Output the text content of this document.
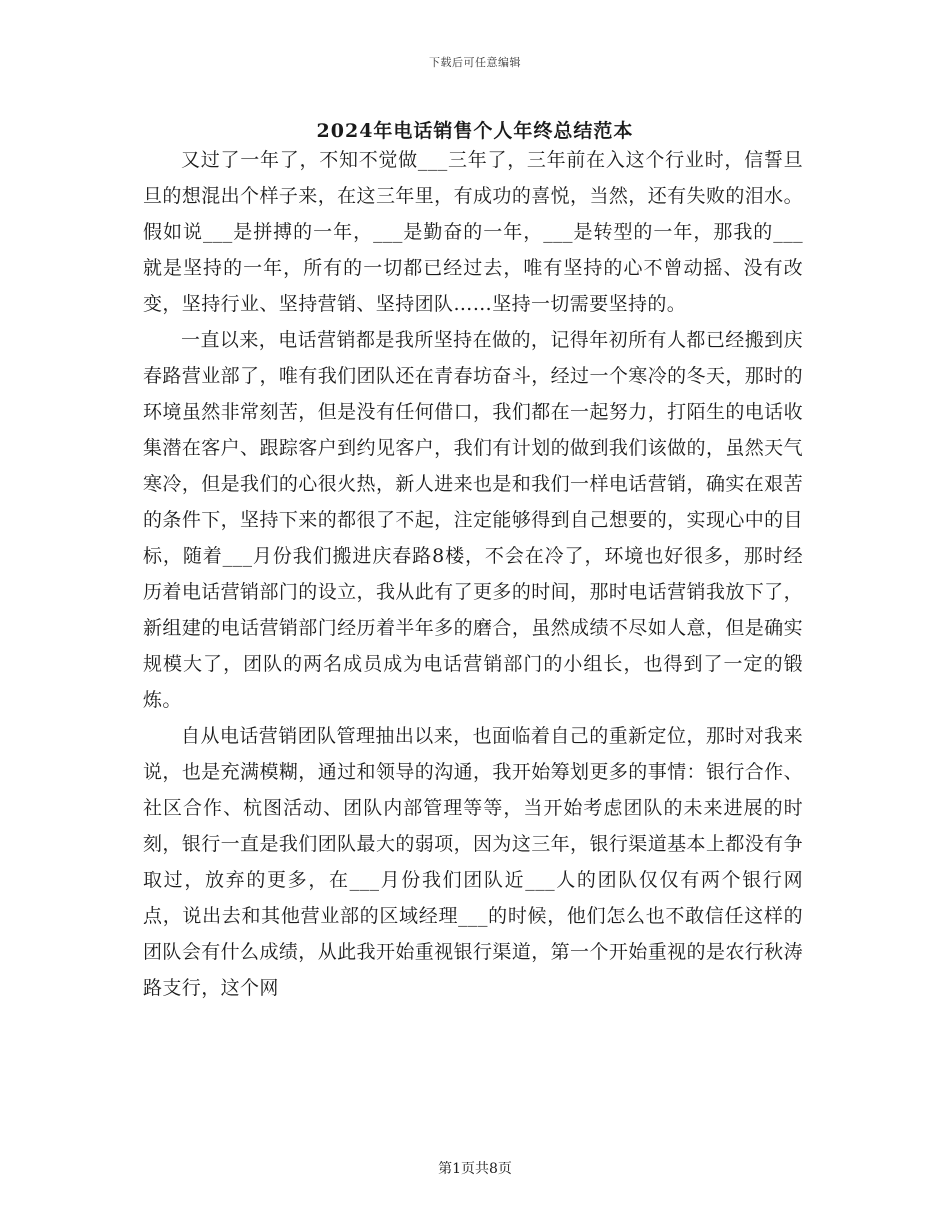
下载后可任意编辑
2024年电话销售个人年终总结范本

又过了一年了，不知不觉做___三年了，三年前在入这个行业时，信誓旦旦的想混出个样子来，在这三年里，有成功的喜悦，当然，还有失败的泪水。假如说___是拼搏的一年，___是勤奋的一年，___是转型的一年，那我的___就是坚持的一年，所有的一切都已经过去，唯有坚持的心不曾动摇、没有改变，坚持行业、坚持营销、坚持团队……坚持一切需要坚持的。

一直以来，电话营销都是我所坚持在做的，记得年初所有人都已经搬到庆春路营业部了，唯有我们团队还在青春坊奋斗，经过一个寒冷的冬天，那时的环境虽然非常刻苦，但是没有任何借口，我们都在一起努力，打陌生的电话收集潜在客户、跟踪客户到约见客户，我们有计划的做到我们该做的，虽然天气寒冷，但是我们的心很火热，新人进来也是和我们一样电话营销，确实在艰苦的条件下，坚持下来的都很了不起，注定能够得到自己想要的，实现心中的目标，随着___月份我们搬进庆春路8楼，不会在冷了，环境也好很多，那时经历着电话营销部门的设立，我从此有了更多的时间，那时电话营销我放下了，新组建的电话营销部门经历着半年多的磨合，虽然成绩不尽如人意，但是确实规模大了，团队的两名成员成为电话营销部门的小组长，也得到了一定的锻炼。

自从电话营销团队管理抽出以来，也面临着自己的重新定位，那时对我来说，也是充满模糊，通过和领导的沟通，我开始筹划更多的事情：银行合作、社区合作、杭图活动、团队内部管理等等，当开始考虑团队的未来进展的时刻，银行一直是我们团队最大的弱项，因为这三年，银行渠道基本上都没有争取过，放弃的更多，在___月份我们团队近___人的团队仅仅有两个银行网点，说出去和其他营业部的区域经理___的时候，他们怎么也不敢信任这样的团队会有什么成绩，从此我开始重视银行渠道，第一个开始重视的是农行秋涛路支行，这个网

第1页共8页
